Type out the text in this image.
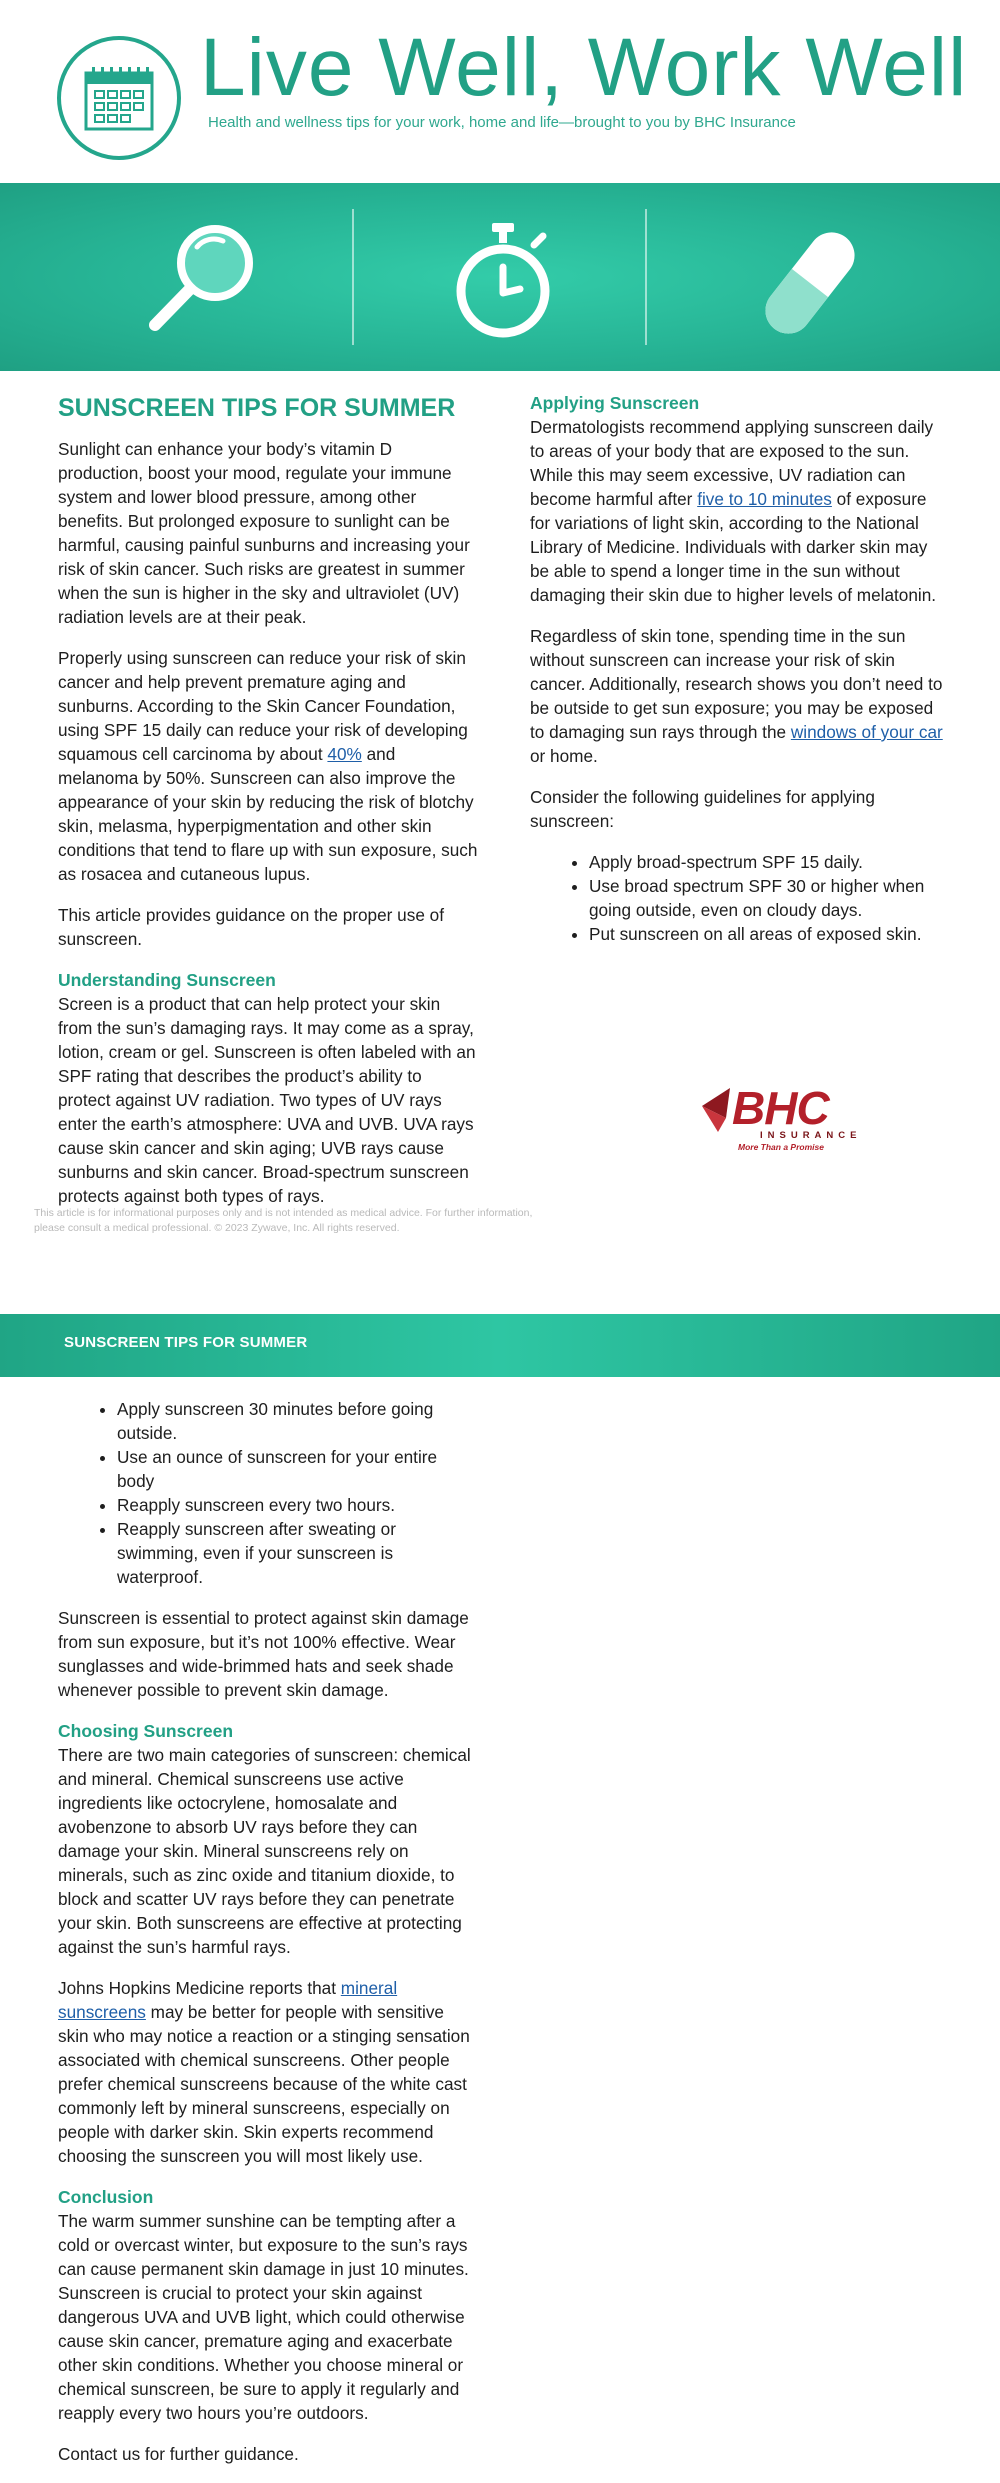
Live Well, Work Well
Health and wellness tips for your work, home and life—brought to you by BHC Insurance
SUNSCREEN TIPS FOR SUMMER

Sunlight can enhance your body’s vitamin D production, boost your mood, regulate your immune system and lower blood pressure, among other benefits. But prolonged exposure to sunlight can be harmful, causing painful sunburns and increasing your risk of skin cancer. Such risks are greatest in summer when the sun is higher in the sky and ultraviolet (UV) radiation levels are at their peak.

Properly using sunscreen can reduce your risk of skin cancer and help prevent premature aging and sunburns. According to the Skin Cancer Foundation, using SPF 15 daily can reduce your risk of developing squamous cell carcinoma by about 40% and melanoma by 50%. Sunscreen can also improve the appearance of your skin by reducing the risk of blotchy skin, melasma, hyperpigmentation and other skin conditions that tend to flare up with sun exposure, such as rosacea and cutaneous lupus.

This article provides guidance on the proper use of sunscreen.

Understanding Sunscreen

Screen is a product that can help protect your skin from the sun’s damaging rays. It may come as a spray, lotion, cream or gel. Sunscreen is often labeled with an SPF rating that describes the product’s ability to protect against UV radiation. Two types of UV rays enter the earth’s atmosphere: UVA and UVB. UVA rays cause skin cancer and skin aging; UVB rays cause sunburns and skin cancer. Broad-spectrum sunscreen protects against both types of rays.

Applying Sunscreen

Dermatologists recommend applying sunscreen daily to areas of your body that are exposed to the sun. While this may seem excessive, UV radiation can become harmful after five to 10 minutes of exposure for variations of light skin, according to the National Library of Medicine. Individuals with darker skin may be able to spend a longer time in the sun without damaging their skin due to higher levels of melatonin.

Regardless of skin tone, spending time in the sun without sunscreen can increase your risk of skin cancer. Additionally, research shows you don’t need to be outside to get sun exposure; you may be exposed to damaging sun rays through the windows of your car or home.

Consider the following guidelines for applying sunscreen:

• Apply broad-spectrum SPF 15 daily.
• Use broad spectrum SPF 30 or higher when going outside, even on cloudy days.
• Put sunscreen on all areas of exposed skin.
BHC
INSURANCE
More Than a Promise
This article is for informational purposes only and is not intended as medical advice. For further information, please consult a medical professional. © 2023 Zywave, Inc. All rights reserved.
SUNSCREEN TIPS FOR SUMMER
• Apply sunscreen 30 minutes before going outside.
• Use an ounce of sunscreen for your entire body
• Reapply sunscreen every two hours.
• Reapply sunscreen after sweating or swimming, even if your sunscreen is waterproof.

Sunscreen is essential to protect against skin damage from sun exposure, but it’s not 100% effective. Wear sunglasses and wide-brimmed hats and seek shade whenever possible to prevent skin damage.

Choosing Sunscreen

There are two main categories of sunscreen: chemical and mineral. Chemical sunscreens use active ingredients like octocrylene, homosalate and avobenzone to absorb UV rays before they can damage your skin. Mineral sunscreens rely on minerals, such as zinc oxide and titanium dioxide, to block and scatter UV rays before they can penetrate your skin. Both sunscreens are effective at protecting against the sun’s harmful rays.

Johns Hopkins Medicine reports that mineral sunscreens may be better for people with sensitive skin who may notice a reaction or a stinging sensation associated with chemical sunscreens. Other people prefer chemical sunscreens because of the white cast commonly left by mineral sunscreens, especially on people with darker skin. Skin experts recommend choosing the sunscreen you will most likely use.

Conclusion

The warm summer sunshine can be tempting after a cold or overcast winter, but exposure to the sun’s rays can cause permanent skin damage in just 10 minutes. Sunscreen is crucial to protect your skin against dangerous UVA and UVB light, which could otherwise cause skin cancer, premature aging and exacerbate other skin conditions. Whether you choose mineral or chemical sunscreen, be sure to apply it regularly and reapply every two hours you’re outdoors.

Contact us for further guidance.
